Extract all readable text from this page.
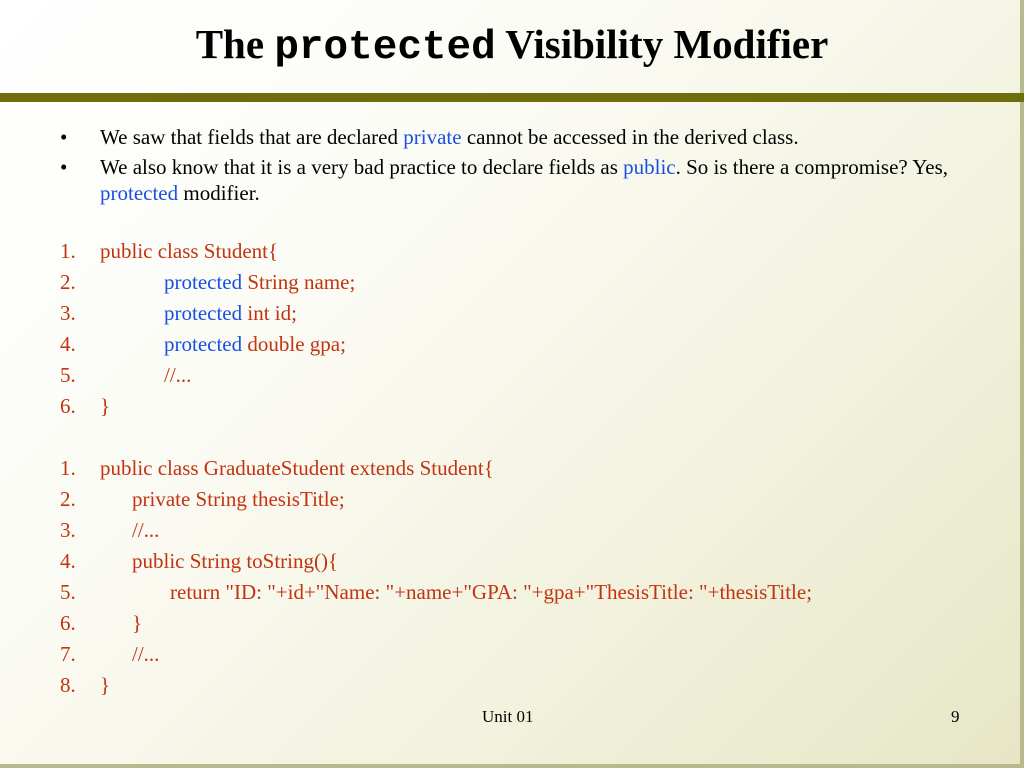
The protected Visibility Modifier
•	We saw that fields that are declared private cannot be accessed in the derived class.
•	We also know that it is a very bad practice to declare fields as public. So is there a compromise? Yes, protected modifier.
1. public class Student{
2.	protected String name;
3.	protected int id;
4.	protected double gpa;
5.	//...
6. }
1. public class GraduateStudent extends Student{
2.	private String thesisTitle;
3.	//...
4.	public String toString(){
5.	return "ID: "+id+"Name: "+name+"GPA: "+gpa+"ThesisTitle: "+thesisTitle;
6.	}
7.	//...
8. }
Unit 01	9
